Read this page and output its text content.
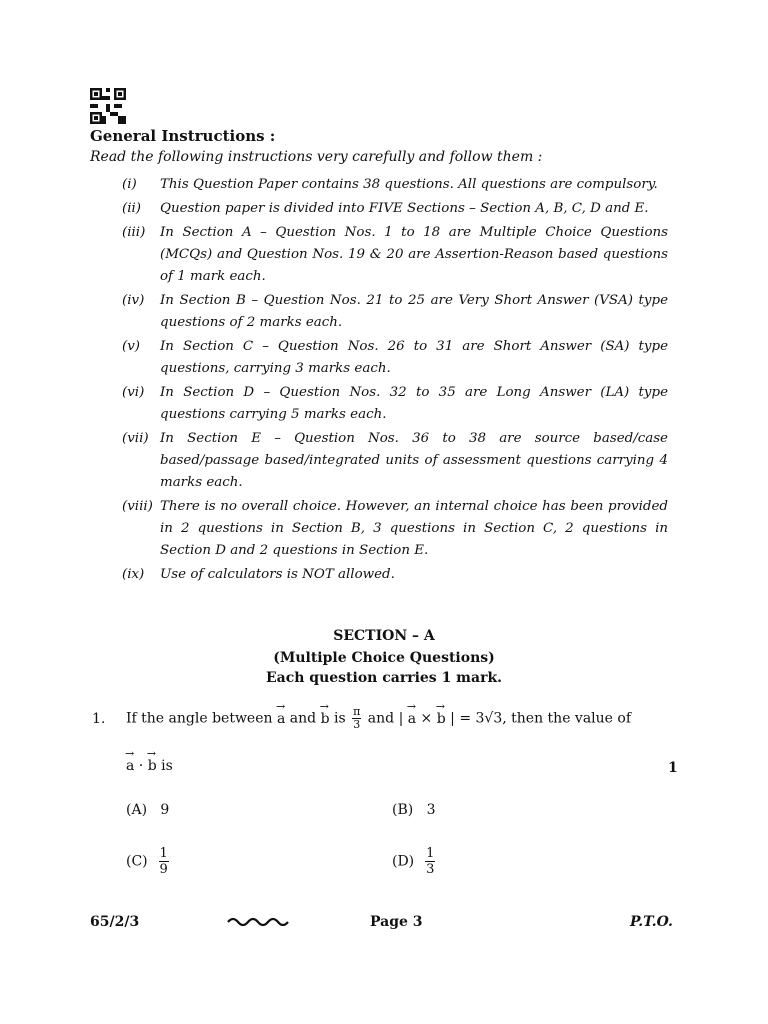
General Instructions :
Read the following instructions very carefully and follow them :
(i)	This Question Paper contains 38 questions. All questions are compulsory.
(ii)	Question paper is divided into FIVE Sections – Section A, B, C, D and E.
(iii)	In Section A – Question Nos. 1 to 18 are Multiple Choice Questions (MCQs) and Question Nos. 19 & 20 are Assertion-Reason based questions of 1 mark each.
(iv)	In Section B – Question Nos. 21 to 25 are Very Short Answer (VSA) type questions of 2 marks each.
(v)	In Section C – Question Nos. 26 to 31 are Short Answer (SA) type questions, carrying 3 marks each.
(vi)	In Section D – Question Nos. 32 to 35 are Long Answer (LA) type questions carrying 5 marks each.
(vii) In Section E – Question Nos. 36 to 38 are source based/case based/passage based/integrated units of assessment questions carrying 4 marks each.
(viii) There is no overall choice. However, an internal choice has been provided in 2 questions in Section B, 3 questions in Section C, 2 questions in Section D and 2 questions in Section E.
(ix)	Use of calculators is NOT allowed.
SECTION – A
(Multiple Choice Questions)
Each question carries 1 mark.
1. If the angle between → a and → b is $\frac{\pi}{3}$ and | → a × → b | = 3√3, then the value of
→ a · → b is	1
(A) 9	(B) 3
$(C) \frac{1}{9}$	$(D) \frac{1}{3}$
65/2/3	Page 3	P.T.O.
